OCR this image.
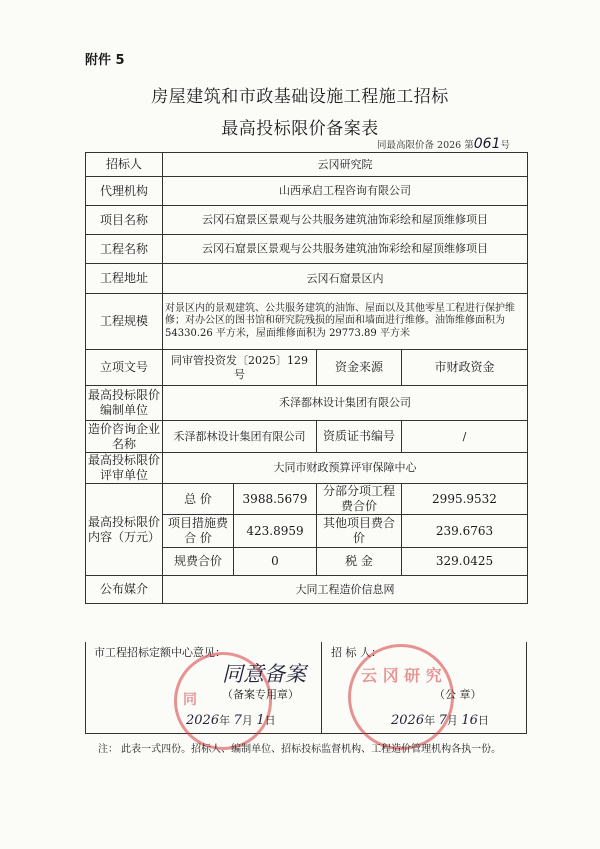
附件 5
房屋建筑和市政基础设施工程施工招标
最高投标限价备案表
同最高限价备 2026 第061号
招标人	云冈研究院			
代理机构	山西承启工程咨询有限公司			
项目名称	云冈石窟景区景观与公共服务建筑油饰彩绘和屋顶维修项目			
工程名称	云冈石窟景区景观与公共服务建筑油饰彩绘和屋顶维修项目			
工程地址	云冈石窟景区内			
工程规模	对景区内的景观建筑、公共服务建筑的油饰、屋面以及其他零星工程进行保护维修；对办公区的图书馆和研究院残损的屋面和墙面进行维修。油饰维修面积为 54330.26 平方米，屋面维修面积为 29773.89 平方米			
立项文号	同审管投资发〔2025〕129 号		资金来源	市财政资金
最高投标限价编制单位	禾泽都林设计集团有限公司			
造价咨询企业名称	禾泽都林设计集团有限公司		资质证书编号	/
最高投标限价评审单位	大同市财政预算评审保障中心			
最高投标限价内容（万元）	总 价	3988.5679	分部分项工程费合价	2995.9532
	项目措施费合 价	423.8959	其他项目费合价	239.6763
	规费合价	0	税 金	329.0425
公布媒介	大同工程造价信息网			
市工程招标定额中心意见：
同
同意备案
（备案专用章）
2026年 7月 1日
招 标 人：
云 冈 研 究
（公 章）
2026年 7月 16日
注： 此表一式四份。招标人、编制单位、招标投标监督机构、工程造价管理机构各执一份。
